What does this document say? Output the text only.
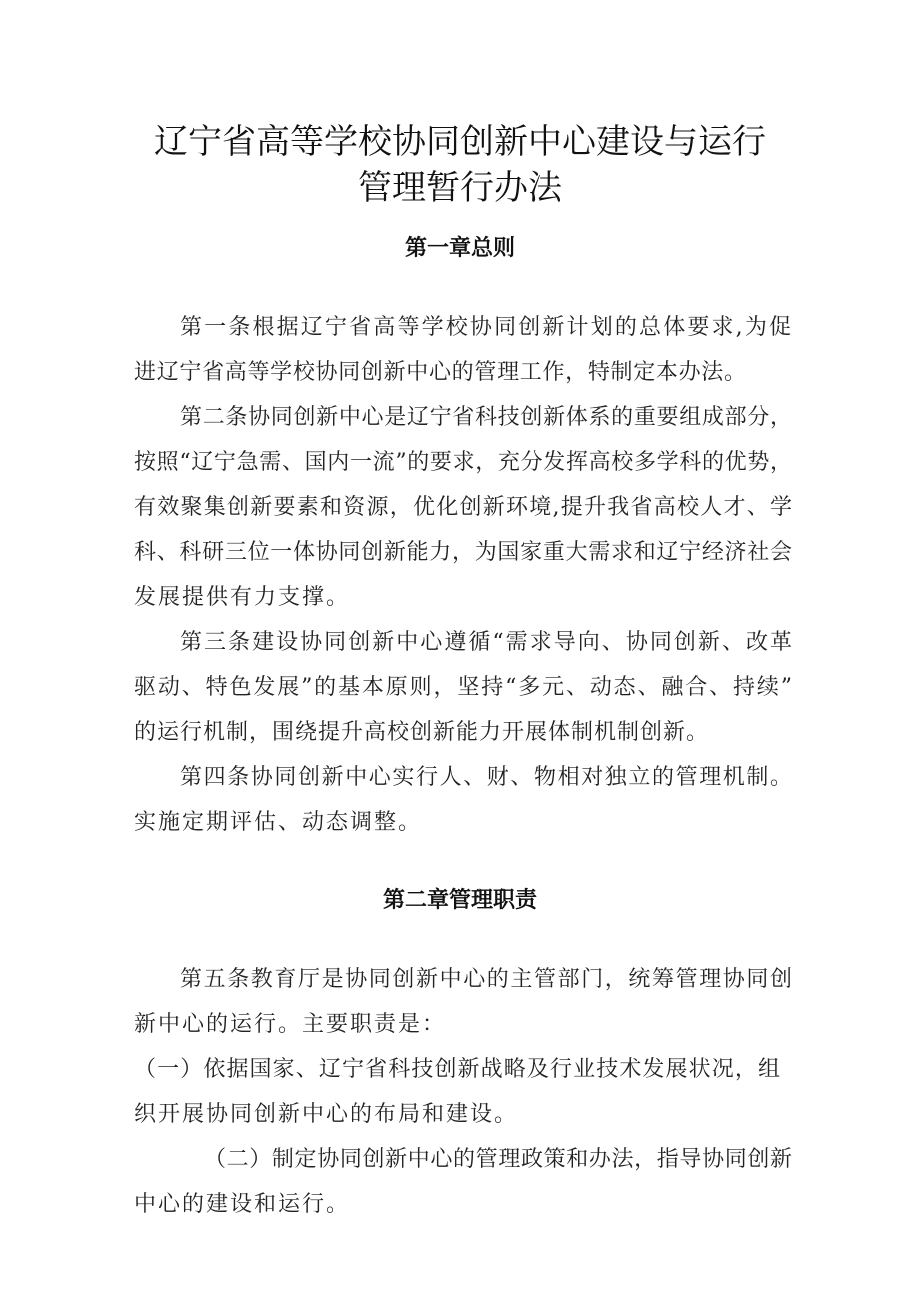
辽宁省高等学校协同创新中心建设与运行
管理暂行办法
第一章总则
第一条根据辽宁省高等学校协同创新计划的总体要求,为促
进辽宁省高等学校协同创新中心的管理工作，特制定本办法。
第二条协同创新中心是辽宁省科技创新体系的重要组成部分，
按照“辽宁急需、国内一流”的要求，充分发挥高校多学科的优势，
有效聚集创新要素和资源，优化创新环境,提升我省高校人才、学
科、科研三位一体协同创新能力，为国家重大需求和辽宁经济社会
发展提供有力支撑。
第三条建设协同创新中心遵循“需求导向、协同创新、改革
驱动、特色发展”的基本原则，坚持“多元、动态、融合、持续”
的运行机制，围绕提升高校创新能力开展体制机制创新。
第四条协同创新中心实行人、财、物相对独立的管理机制。
实施定期评估、动态调整。
第二章管理职责
第五条教育厅是协同创新中心的主管部门，统筹管理协同创
新中心的运行。主要职责是：
（一）依据国家、辽宁省科技创新战略及行业技术发展状况，组
织开展协同创新中心的布局和建设。
（二）制定协同创新中心的管理政策和办法，指导协同创新
中心的建设和运行。
